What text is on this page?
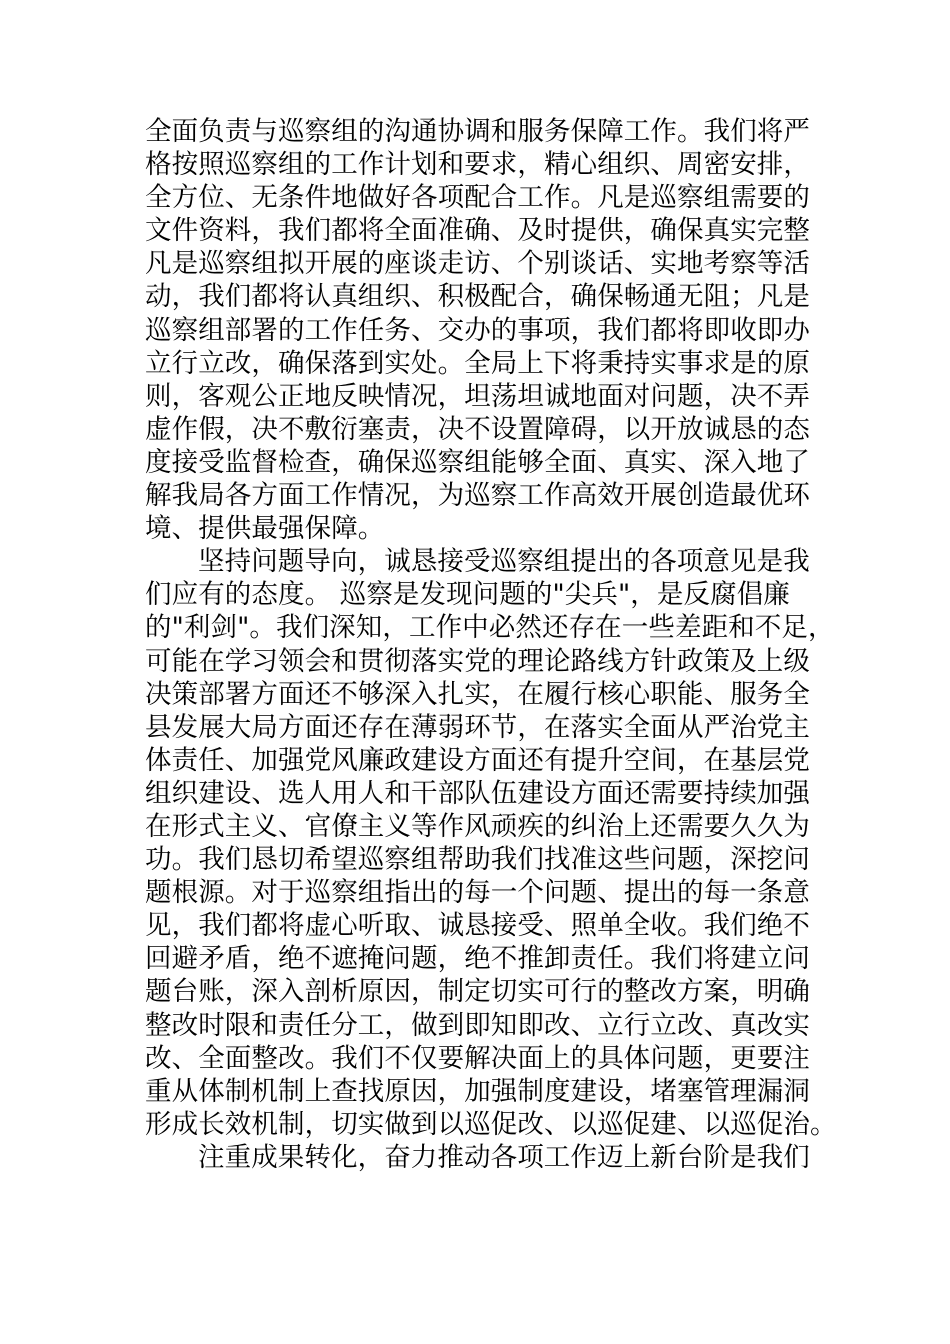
全面负责与巡察组的沟通协调和服务保障工作。我们将严
格按照巡察组的工作计划和要求，精心组织、周密安排，
全方位、无条件地做好各项配合工作。凡是巡察组需要的
文件资料，我们都将全面准确、及时提供，确保真实完整
凡是巡察组拟开展的座谈走访、个别谈话、实地考察等活
动，我们都将认真组织、积极配合，确保畅通无阻；凡是
巡察组部署的工作任务、交办的事项，我们都将即收即办
立行立改，确保落到实处。全局上下将秉持实事求是的原
则，客观公正地反映情况，坦荡坦诚地面对问题，决不弄
虚作假，决不敷衍塞责，决不设置障碍，以开放诚恳的态
度接受监督检查，确保巡察组能够全面、真实、深入地了
解我局各方面工作情况，为巡察工作高效开展创造最优环
境、提供最强保障。
坚持问题导向，诚恳接受巡察组提出的各项意见是我
们应有的态度。 巡察是发现问题的"尖兵"，是反腐倡廉
的"利剑"。我们深知，工作中必然还存在一些差距和不足，
可能在学习领会和贯彻落实党的理论路线方针政策及上级
决策部署方面还不够深入扎实，在履行核心职能、服务全
县发展大局方面还存在薄弱环节，在落实全面从严治党主
体责任、加强党风廉政建设方面还有提升空间，在基层党
组织建设、选人用人和干部队伍建设方面还需要持续加强
在形式主义、官僚主义等作风顽疾的纠治上还需要久久为
功。我们恳切希望巡察组帮助我们找准这些问题，深挖问
题根源。对于巡察组指出的每一个问题、提出的每一条意
见，我们都将虚心听取、诚恳接受、照单全收。我们绝不
回避矛盾，绝不遮掩问题，绝不推卸责任。我们将建立问
题台账，深入剖析原因，制定切实可行的整改方案，明确
整改时限和责任分工，做到即知即改、立行立改、真改实
改、全面整改。我们不仅要解决面上的具体问题，更要注
重从体制机制上查找原因，加强制度建设，堵塞管理漏洞
形成长效机制，切实做到以巡促改、以巡促建、以巡促治。
注重成果转化，奋力推动各项工作迈上新台阶是我们
